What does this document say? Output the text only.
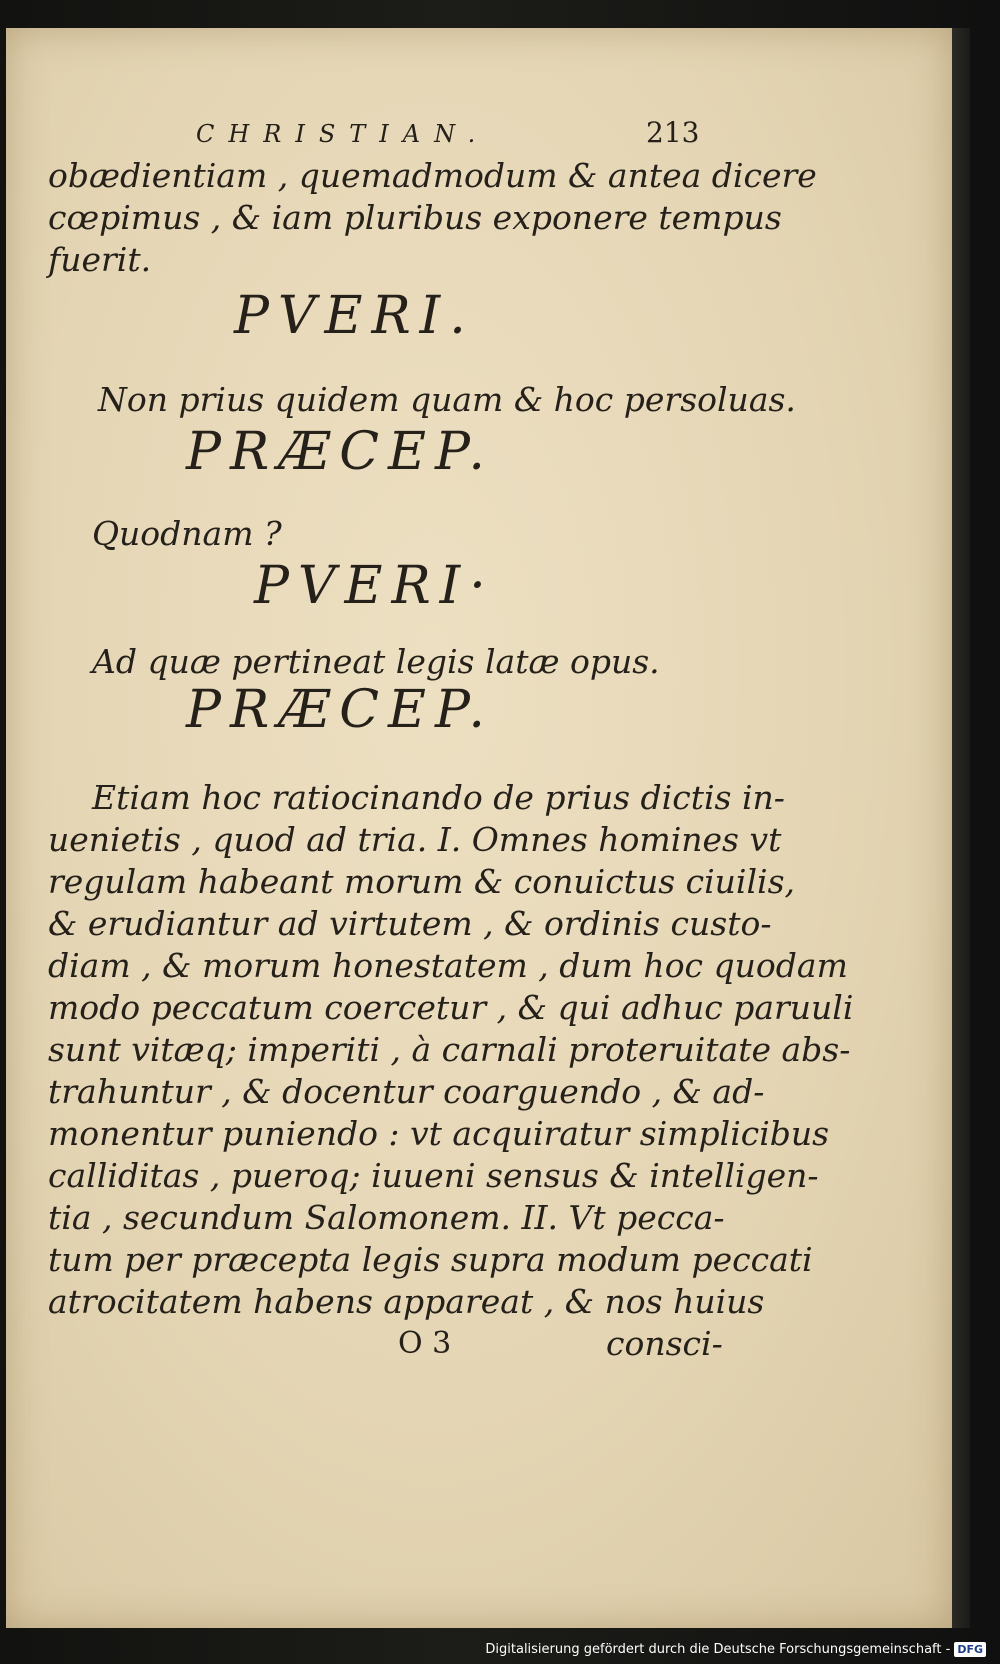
CHRISTIAN.	213
obædientiam , quemadmodum & antea dicere
cœpimus , & iam pluribus exponere tempus
fuerit.
PVERI.
Non prius quidem quam & hoc persoluas.
PRÆCEP.
Quodnam ?
PVERI·
Ad quæ pertineat legis latæ opus.
PRÆCEP.
Etiam hoc ratiocinando de prius dictis in-
uenietis , quod ad tria. I. Omnes homines vt
regulam habeant morum & conuictus ciuilis,
& erudiantur ad virtutem , & ordinis custo-
diam , & morum honestatem , dum hoc quodam
modo peccatum coercetur , & qui adhuc paruuli
sunt vitæq; imperiti , à carnali proteruitate abs-
trahuntur , & docentur coarguendo , & ad-
monentur puniendo : vt acquiratur simplicibus
calliditas , pueroq; iuueni sensus & intelligen-
tia , secundum Salomonem. II. Vt pecca-
tum per præcepta legis supra modum peccati
atrocitatem habens appareat , & nos huius
O 3	consci-
Digitalisierung gefördert durch die Deutsche Forschungsgemeinschaft - DFG
